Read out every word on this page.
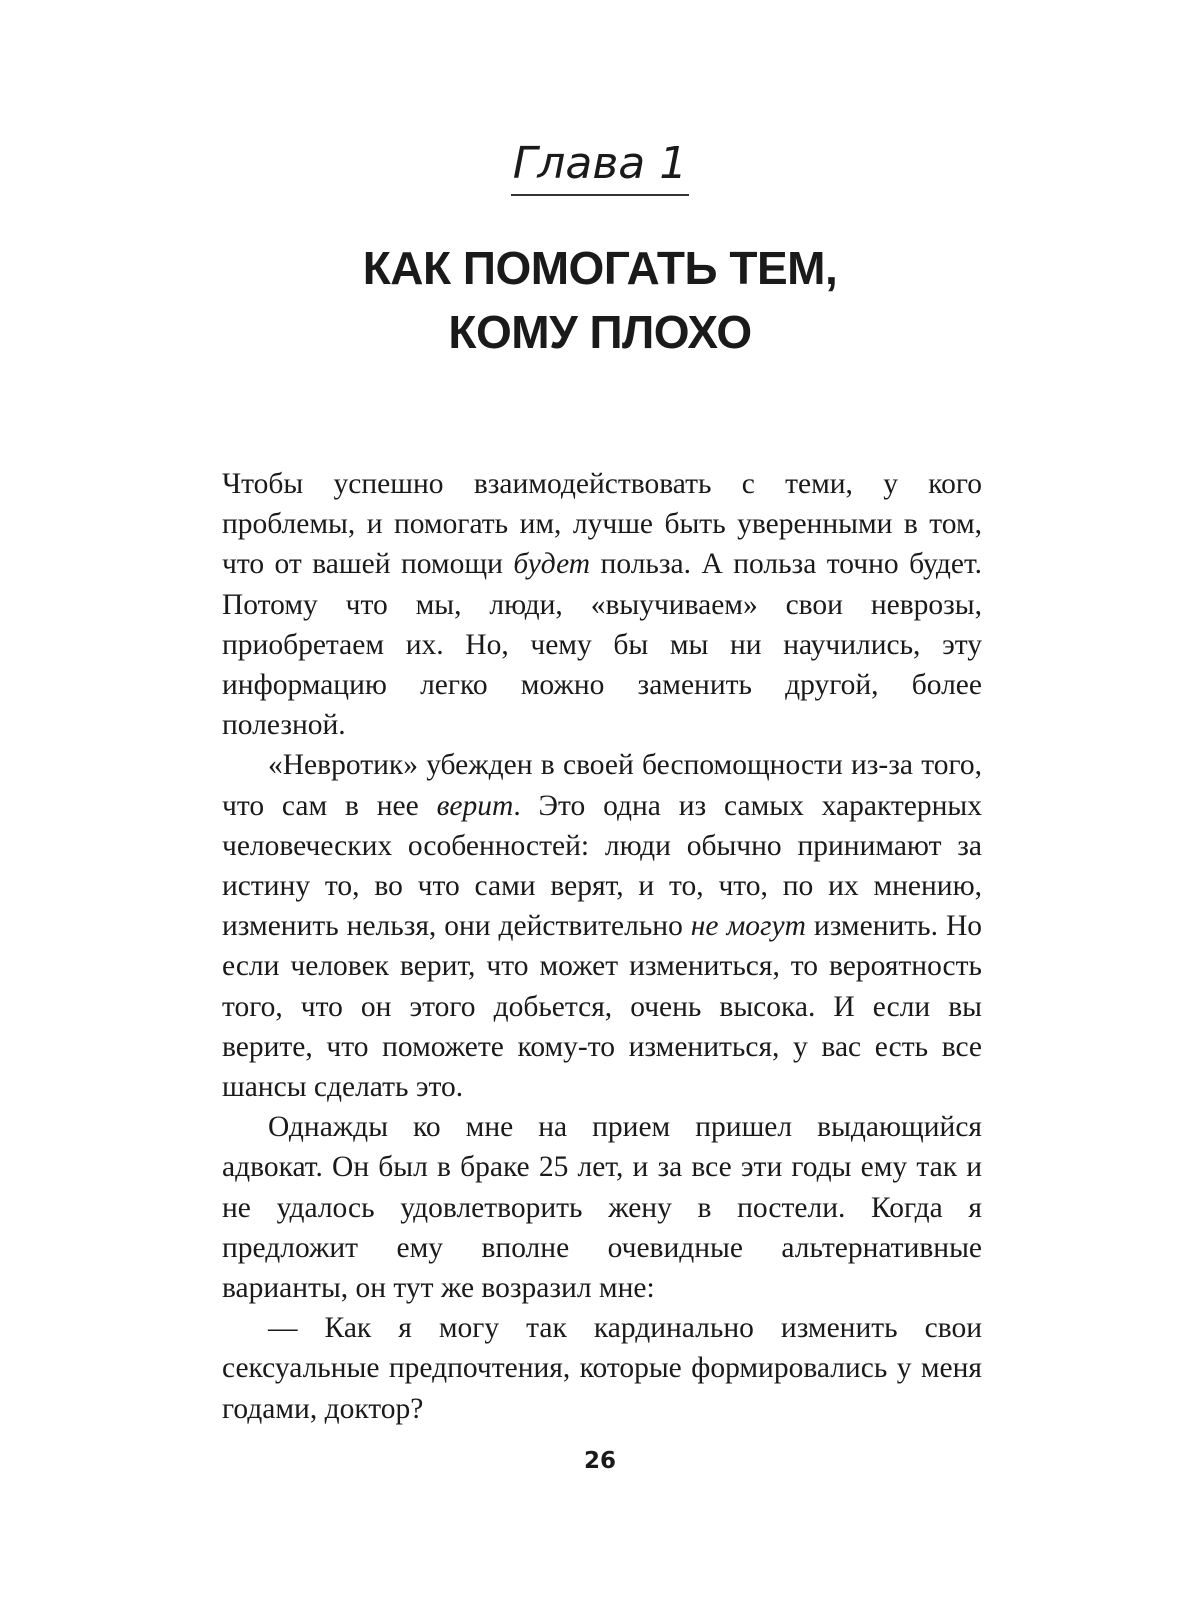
Глава 1
КАК ПОМОГАТЬ ТЕМ,
КОМУ ПЛОХО

Чтобы успешно взаимодействовать с теми, у кого проблемы, и помогать им, лучше быть уверенными в том, что от вашей помощи будет польза. А польза точно будет. Потому что мы, люди, «выучиваем» свои неврозы, приобретаем их. Но, чему бы мы ни научились, эту информацию легко можно заменить другой, более полезной.

«Невротик» убежден в своей беспомощности из-за того, что сам в нее верит. Это одна из самых характерных человеческих особенностей: люди обычно принимают за истину то, во что сами верят, и то, что, по их мнению, изменить нельзя, они действительно не могут изменить. Но если человек верит, что может измениться, то вероятность того, что он этого добьется, очень высока. И если вы верите, что поможете кому-то измениться, у вас есть все шансы сделать это.

Однажды ко мне на прием пришел выдающийся адвокат. Он был в браке 25 лет, и за все эти годы ему так и не удалось удовлетворить жену в постели. Когда я предложит ему вполне очевидные альтернативные варианты, он тут же возразил мне:

— Как я могу так кардинально изменить свои сексуальные предпочтения, которые формировались у меня годами, доктор?

26
